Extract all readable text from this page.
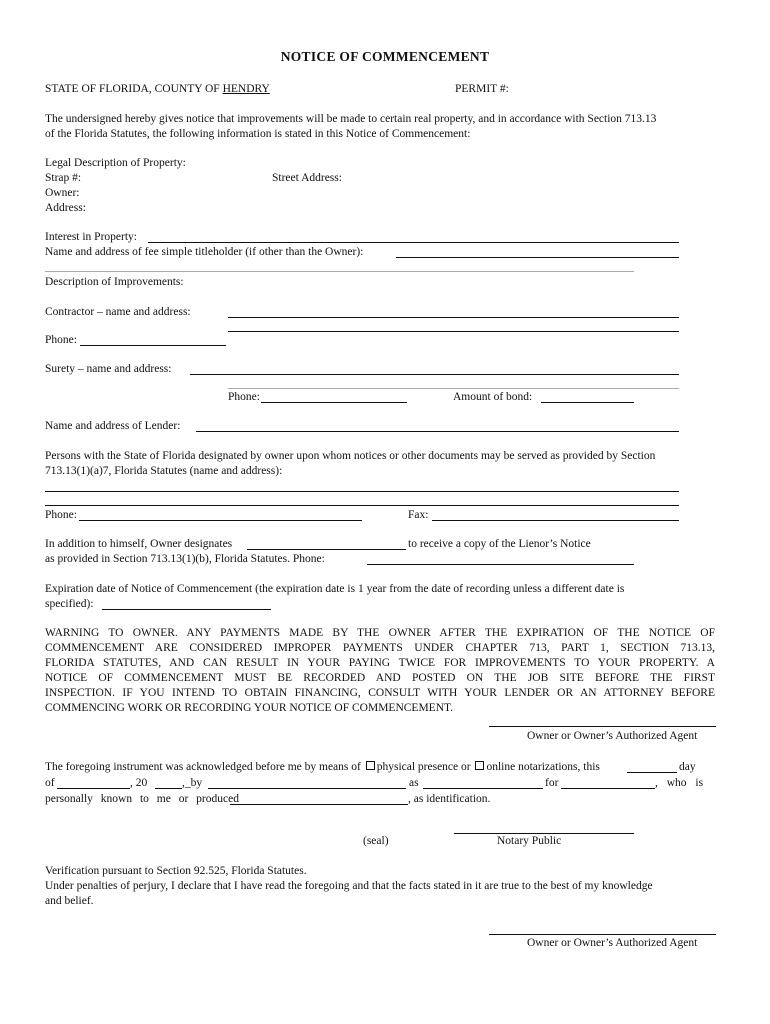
NOTICE OF COMMENCEMENT
STATE OF FLORIDA, COUNTY OF HENDRY	PERMIT #:
The undersigned hereby gives notice that improvements will be made to certain real property, and in accordance with Section 713.13
of the Florida Statutes, the following information is stated in this Notice of Commencement:
Legal Description of Property:
Strap #:	Street Address:
Owner:
Address:
Interest in Property:
Name and address of fee simple titleholder (if other than the Owner):
Description of Improvements:
Contractor – name and address:
Phone:
Surety – name and address:
Phone:	Amount of bond:
Name and address of Lender:
Persons with the State of Florida designated by owner upon whom notices or other documents may be served as provided by Section
713.13(1)(a)7, Florida Statutes (name and address):
Phone:	Fax:
In addition to himself, Owner designates	to receive a copy of the Lienor’s Notice
as provided in Section 713.13(1)(b), Florida Statutes. Phone:
Expiration date of Notice of Commencement (the expiration date is 1 year from the date of recording unless a different date is
specified):
WARNING TO OWNER. ANY PAYMENTS MADE BY THE OWNER AFTER THE EXPIRATION OF THE NOTICE OF
COMMENCEMENT ARE CONSIDERED IMPROPER PAYMENTS UNDER CHAPTER 713, PART 1, SECTION 713.13,
FLORIDA STATUTES, AND CAN RESULT IN YOUR PAYING TWICE FOR IMPROVEMENTS TO YOUR PROPERTY. A
NOTICE OF COMMENCEMENT MUST BE RECORDED AND POSTED ON THE JOB SITE BEFORE THE FIRST
INSPECTION. IF YOU INTEND TO OBTAIN FINANCING, CONSULT WITH YOUR LENDER OR AN ATTORNEY BEFORE
COMMENCING WORK OR RECORDING YOUR NOTICE OF COMMENCEMENT.
Owner or Owner’s Authorized Agent
The foregoing instrument was acknowledged before me by means of physical presence or online notarizations, this	day
of	, 20	,_by	as	for	, who is
personally known to me or produced	, as identification.
(seal)	Notary Public
Verification pursuant to Section 92.525, Florida Statutes.
Under penalties of perjury, I declare that I have read the foregoing and that the facts stated in it are true to the best of my knowledge
and belief.
Owner or Owner’s Authorized Agent
